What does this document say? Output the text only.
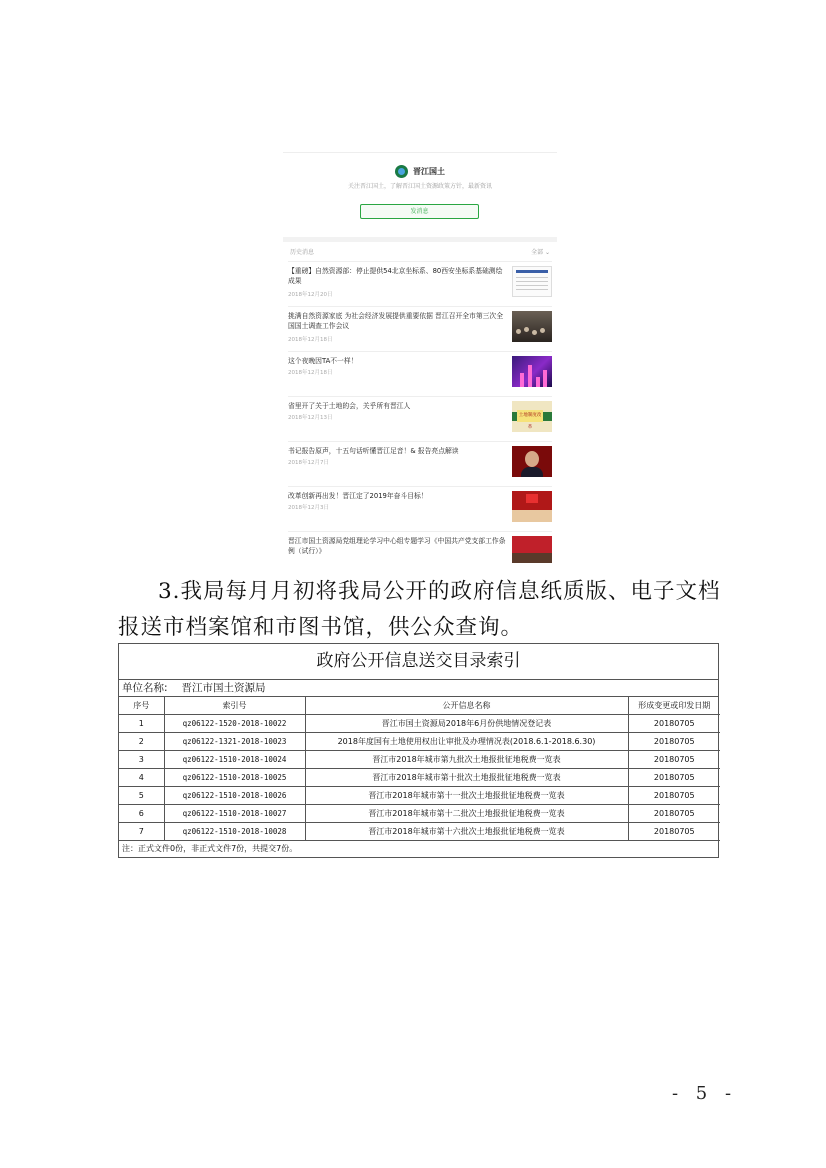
晋江国土
关注晋江国土，了解晋江国土资源政策方针，最新资讯
发消息
历史消息	全部 ⌄
【重磅】自然资源部：停止提供54北京坐标系、80西安坐标系基础测绘成果
2018年12月20日
挑满自然资源家底 为社会经济发展提供重要依据 晋江召开全市第三次全国国土调查工作会议
2018年12月18日
这个夜晚因TA不一样！
2018年12月18日
省里开了关于土地的会，关乎所有晋江人
2018年12月13日	土地制度改革
书记报告原声，十五句话听懂晋江足音！& 报告亮点解读
2018年12月7日
改革创新再出发！晋江定了2019年奋斗目标！
2018年12月3日
晋江市国土资源局党组理论学习中心组专题学习《中国共产党支部工作条例（试行）》
3.我局每月月初将我局公开的政府信息纸质版、电子文档报送市档案馆和市图书馆，供公众查询。
政府公开信息送交目录索引
单位名称: 晋江市国土资源局
序号	索引号	公开信息名称	形成变更或印发日期
1	qz06122-1520-2018-10022	晋江市国土资源局2018年6月份供地情况登记表	20180705
2	qz06122-1321-2018-10023	2018年度国有土地使用权出让审批及办理情况表(2018.6.1-2018.6.30)	20180705
3	qz06122-1510-2018-10024	晋江市2018年城市第九批次土地报批征地税费一览表	20180705
4	qz06122-1510-2018-10025	晋江市2018年城市第十批次土地报批征地税费一览表	20180705
5	qz06122-1510-2018-10026	晋江市2018年城市第十一批次土地报批征地税费一览表	20180705
6	qz06122-1510-2018-10027	晋江市2018年城市第十二批次土地报批征地税费一览表	20180705
7	qz06122-1510-2018-10028	晋江市2018年城市第十六批次土地报批征地税费一览表	20180705
注：正式文件0份，非正式文件7份，共提交7份。
- 5 -
